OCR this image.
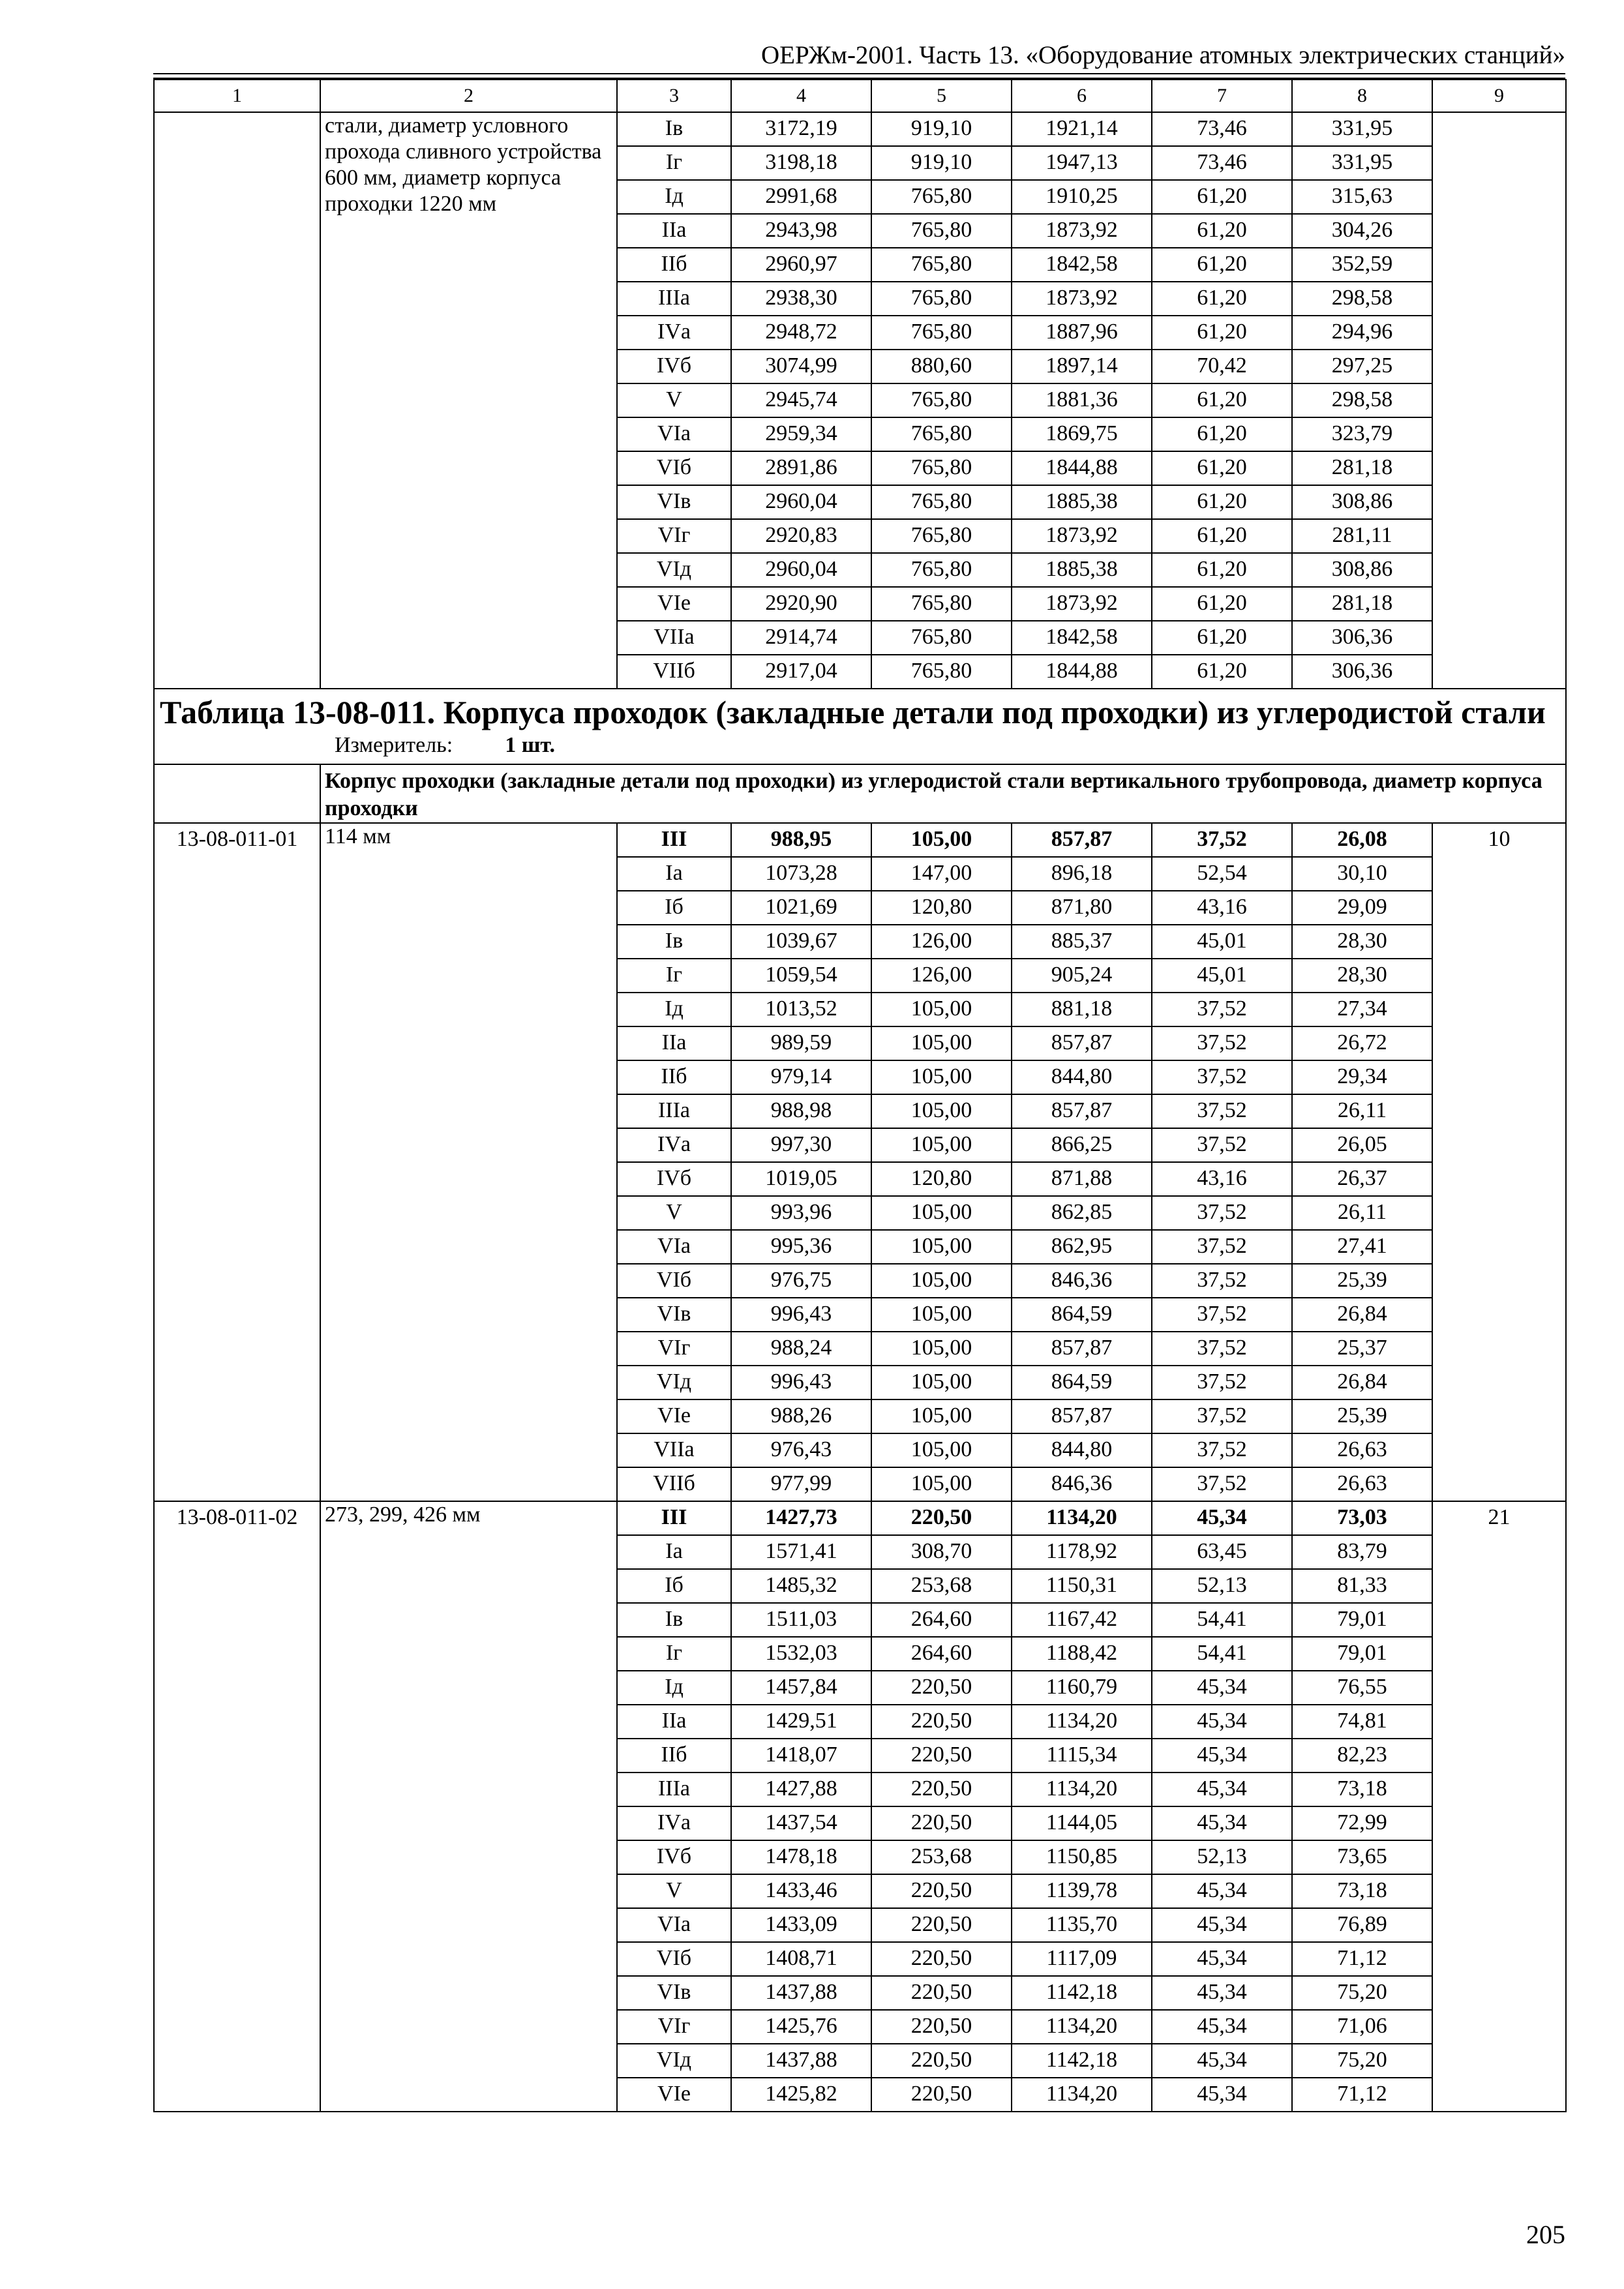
ОЕРЖм-2001. Часть 13. «Оборудование атомных электрических станций»
1	2	3	4	5	6	7	8	9
	стали, диаметр условного прохода сливного устройства 600 мм, диаметр корпуса проходки 1220 мм	Iв	3172,19	919,10	1921,14	73,46	331,95	
		Iг	3198,18	919,10	1947,13	73,46	331,95	
		Iд	2991,68	765,80	1910,25	61,20	315,63	
		IIа	2943,98	765,80	1873,92	61,20	304,26	
		IIб	2960,97	765,80	1842,58	61,20	352,59	
		IIIа	2938,30	765,80	1873,92	61,20	298,58	
		IVа	2948,72	765,80	1887,96	61,20	294,96	
		IVб	3074,99	880,60	1897,14	70,42	297,25	
		V	2945,74	765,80	1881,36	61,20	298,58	
		VIа	2959,34	765,80	1869,75	61,20	323,79	
		VIб	2891,86	765,80	1844,88	61,20	281,18	
		VIв	2960,04	765,80	1885,38	61,20	308,86	
		VIг	2920,83	765,80	1873,92	61,20	281,11	
		VIд	2960,04	765,80	1885,38	61,20	308,86	
		VIе	2920,90	765,80	1873,92	61,20	281,18	
		VIIа	2914,74	765,80	1842,58	61,20	306,36	
		VIIб	2917,04	765,80	1844,88	61,20	306,36	

Таблица 13-08-011. Корпуса проходок (закладные детали под проходки) из углеродистой стали
Измеритель: 1 шт.								

	Корпус проходки (закладные детали под проходки) из углеродистой стали вертикального трубопровода, диаметр корпуса проходки							
13-08-011-01	114 мм	III	988,95	105,00	857,87	37,52	26,08	10
		Iа	1073,28	147,00	896,18	52,54	30,10	
		Iб	1021,69	120,80	871,80	43,16	29,09	
		Iв	1039,67	126,00	885,37	45,01	28,30	
		Iг	1059,54	126,00	905,24	45,01	28,30	
		Iд	1013,52	105,00	881,18	37,52	27,34	
		IIа	989,59	105,00	857,87	37,52	26,72	
		IIб	979,14	105,00	844,80	37,52	29,34	
		IIIа	988,98	105,00	857,87	37,52	26,11	
		IVа	997,30	105,00	866,25	37,52	26,05	
		IVб	1019,05	120,80	871,88	43,16	26,37	
		V	993,96	105,00	862,85	37,52	26,11	
		VIа	995,36	105,00	862,95	37,52	27,41	
		VIб	976,75	105,00	846,36	37,52	25,39	
		VIв	996,43	105,00	864,59	37,52	26,84	
		VIг	988,24	105,00	857,87	37,52	25,37	
		VIд	996,43	105,00	864,59	37,52	26,84	
		VIе	988,26	105,00	857,87	37,52	25,39	
		VIIа	976,43	105,00	844,80	37,52	26,63	
		VIIб	977,99	105,00	846,36	37,52	26,63	
13-08-011-02	273, 299, 426 мм	III	1427,73	220,50	1134,20	45,34	73,03	21
		Iа	1571,41	308,70	1178,92	63,45	83,79	
		Iб	1485,32	253,68	1150,31	52,13	81,33	
		Iв	1511,03	264,60	1167,42	54,41	79,01	
		Iг	1532,03	264,60	1188,42	54,41	79,01	
		Iд	1457,84	220,50	1160,79	45,34	76,55	
		IIа	1429,51	220,50	1134,20	45,34	74,81	
		IIб	1418,07	220,50	1115,34	45,34	82,23	
		IIIа	1427,88	220,50	1134,20	45,34	73,18	
		IVа	1437,54	220,50	1144,05	45,34	72,99	
		IVб	1478,18	253,68	1150,85	52,13	73,65	
		V	1433,46	220,50	1139,78	45,34	73,18	
		VIа	1433,09	220,50	1135,70	45,34	76,89	
		VIб	1408,71	220,50	1117,09	45,34	71,12	
		VIв	1437,88	220,50	1142,18	45,34	75,20	
		VIг	1425,76	220,50	1134,20	45,34	71,06	
		VIд	1437,88	220,50	1142,18	45,34	75,20	
		VIе	1425,82	220,50	1134,20	45,34	71,12	
205
